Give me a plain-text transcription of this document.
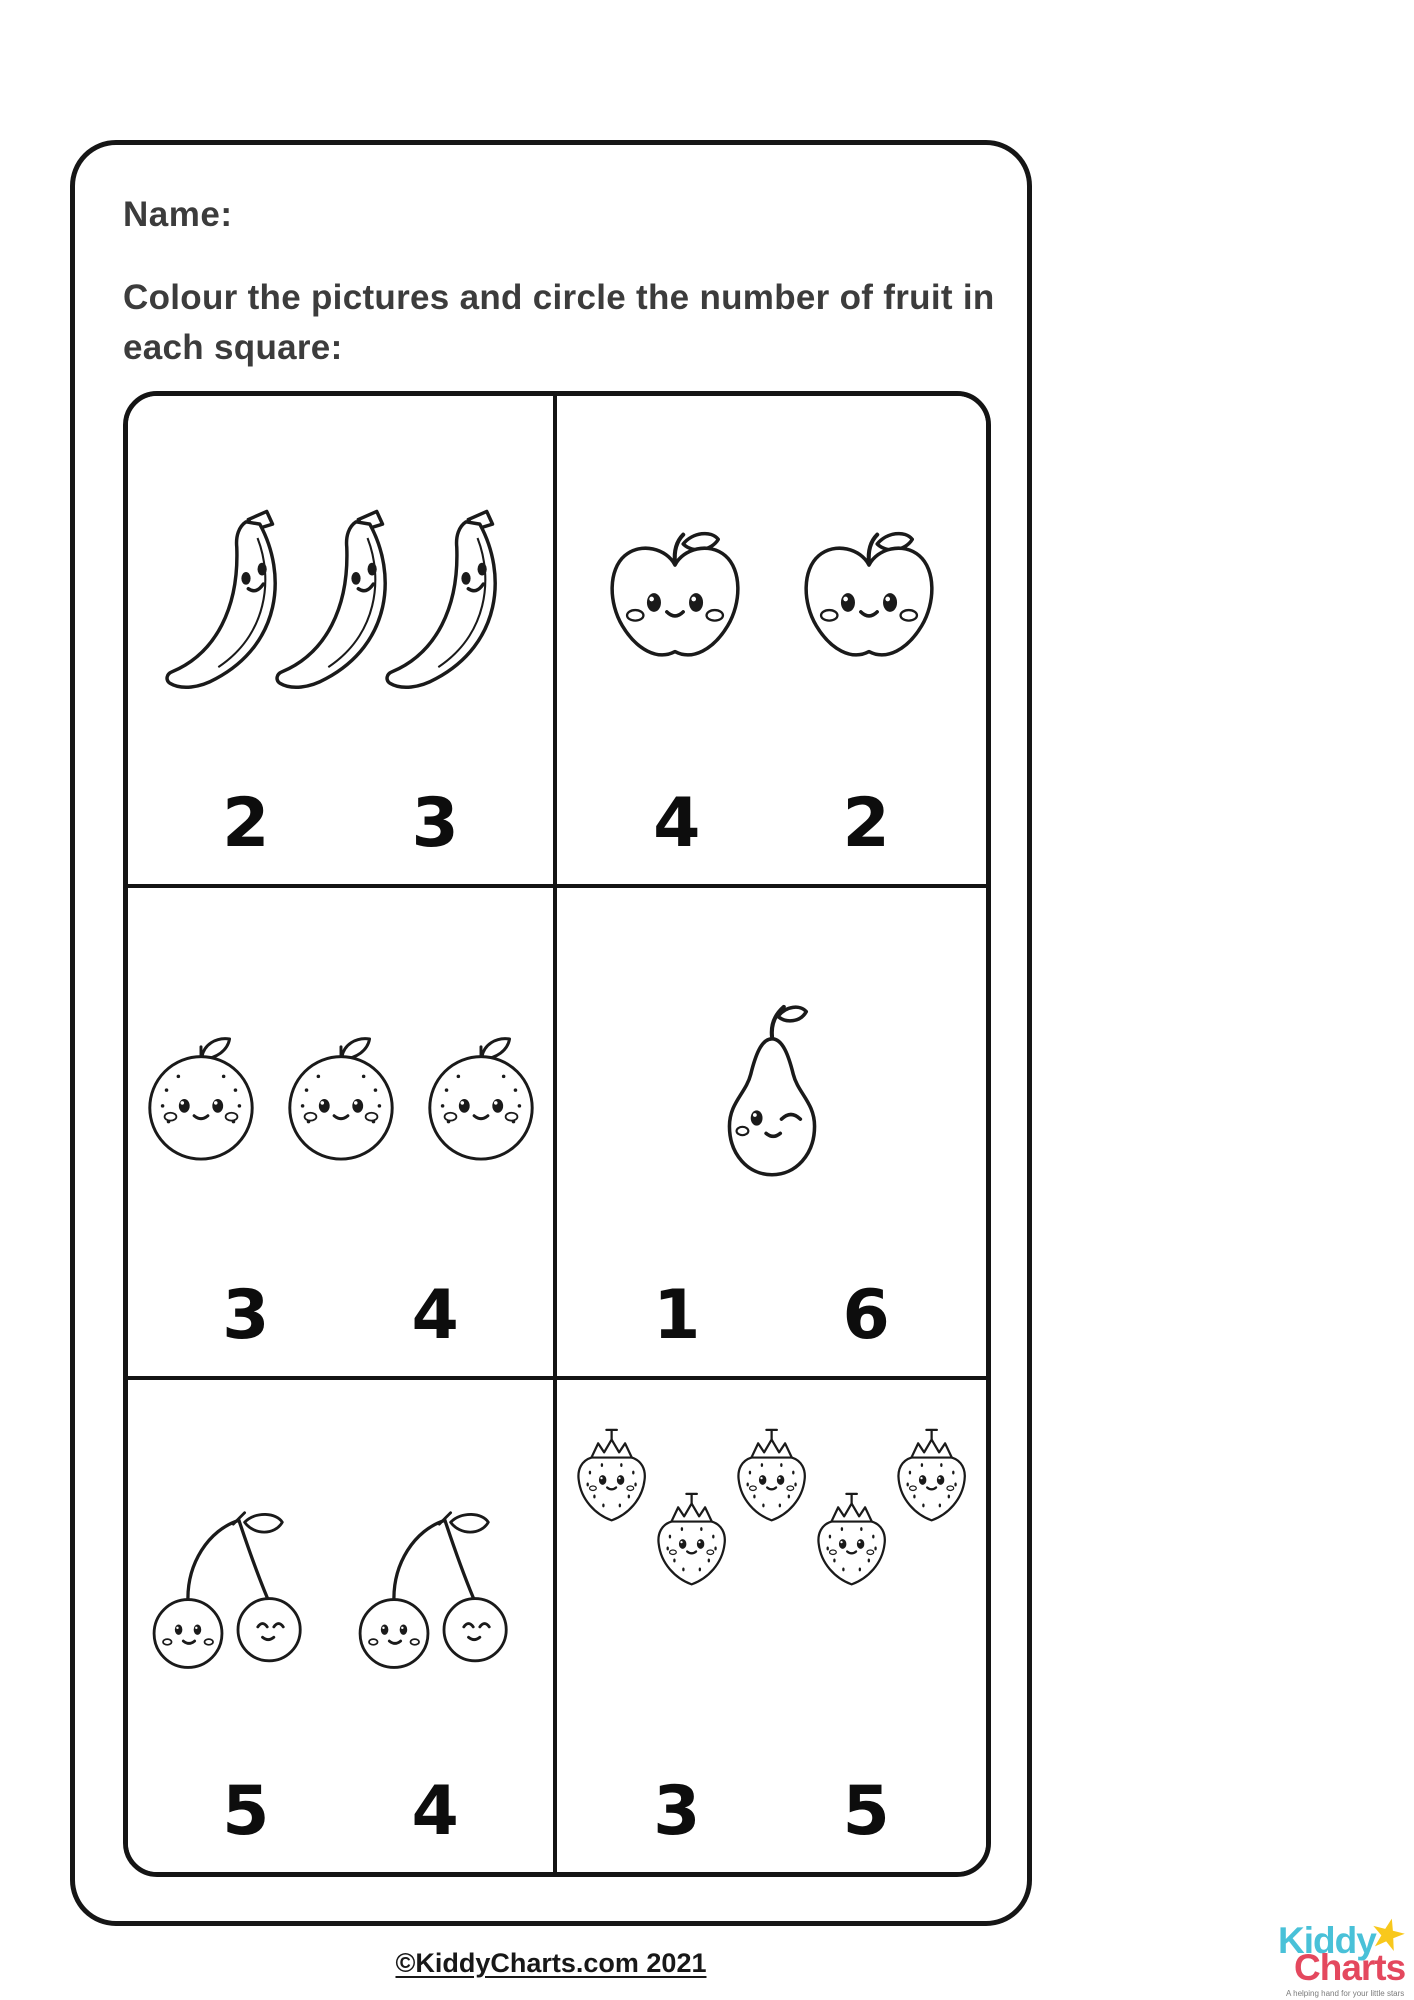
Name:
Colour the pictures and circle the number of fruit in
each square:
2 3	4 2
3 4	1 6
5 4	3 5
©KiddyCharts.com 2021
Kiddy
Charts
A helping hand for your little stars
